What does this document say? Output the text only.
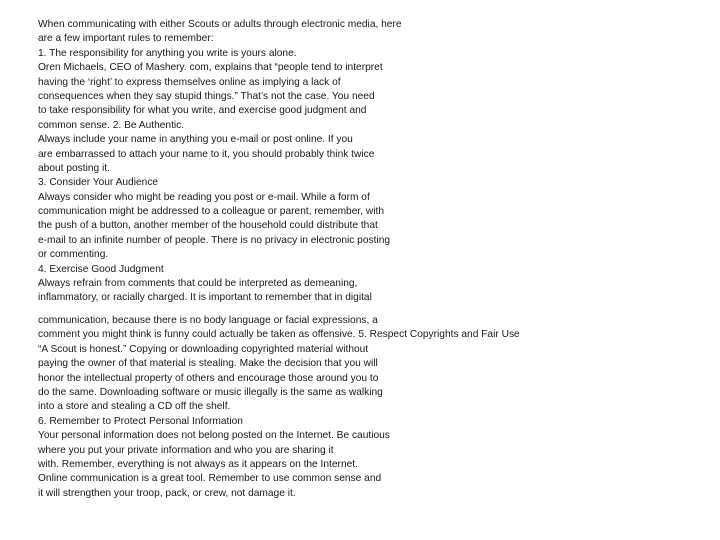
When communicating with either Scouts or adults through electronic media, here
are a few important rules to remember:
1. The responsibility for anything you write is yours alone.
Oren Michaels, CEO of Mashery. com, explains that “people tend to interpret
having the ‘right’ to express themselves online as implying a lack of
consequences when they say stupid things.” That’s not the case. You need
to take responsibility for what you write, and exercise good judgment and
common sense. 2. Be Authentic.
Always include your name in anything you e-mail or post online. If you
are embarrassed to attach your name to it, you should probably think twice
about posting it.
3. Consider Your Audience
Always consider who might be reading you post or e-mail. While a form of
communication might be addressed to a colleague or parent, remember, with
the push of a button, another member of the household could distribute that
e-mail to an infinite number of people. There is no privacy in electronic posting
or commenting.
4. Exercise Good Judgment
Always refrain from comments that could be interpreted as demeaning,
inflammatory, or racially charged. It is important to remember that in digital
communication, because there is no body language or facial expressions, a
comment you might think is funny could actually be taken as offensive. 5. Respect Copyrights and Fair Use
“A Scout is honest.” Copying or downloading copyrighted material without
paying the owner of that material is stealing. Make the decision that you will
honor the intellectual property of others and encourage those around you to
do the same. Downloading software or music illegally is the same as walking
into a store and stealing a CD off the shelf.
6. Remember to Protect Personal Information
Your personal information does not belong posted on the Internet. Be cautious
where you put your private information and who you are sharing it
with. Remember, everything is not always as it appears on the Internet.
Online communication is a great tool. Remember to use common sense and
it will strengthen your troop, pack, or crew, not damage it.
